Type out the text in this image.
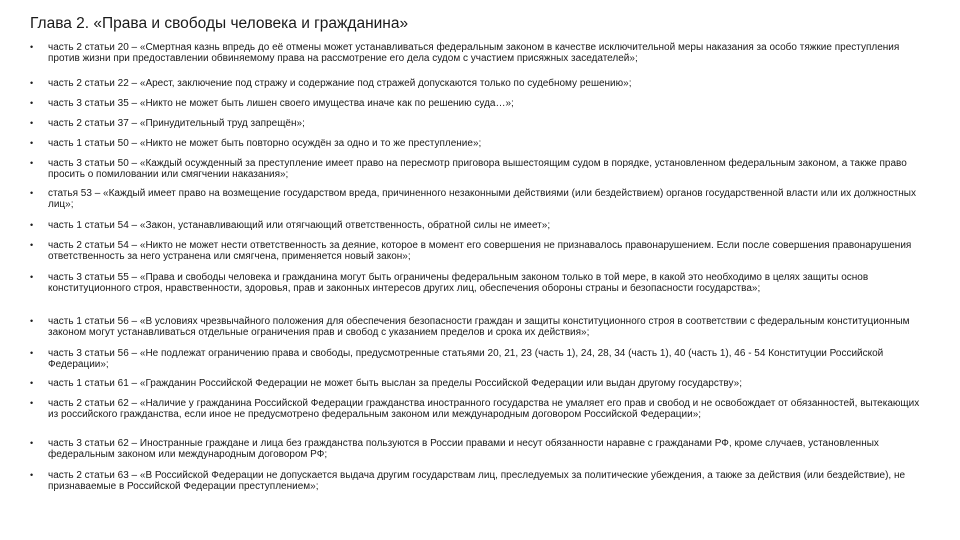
Глава 2. «Права и свободы человека и гражданина»
• часть 2 статьи 20 – «Смертная казнь впредь до её отмены может устанавливаться федеральным законом в качестве исключительной меры наказания за особо тяжкие преступления против жизни при предоставлении обвиняемому права на рассмотрение его дела судом с участием присяжных заседателей»;
• часть 2 статьи 22 – «Арест, заключение под стражу и содержание под стражей допускаются только по судебному решению»;
• часть 3 статьи 35 – «Никто не может быть лишен своего имущества иначе как по решению суда…»;
• часть 2 статьи 37 – «Принудительный труд запрещён»;
• часть 1 статьи 50 – «Никто не может быть повторно осуждён за одно и то же преступление»;
• часть 3 статьи 50 – «Каждый осужденный за преступление имеет право на пересмотр приговора вышестоящим судом в порядке, установленном федеральным законом, а также право просить о помиловании или смягчении наказания»;
• статья 53 – «Каждый имеет право на возмещение государством вреда, причиненного незаконными действиями (или бездействием) органов государственной власти или их должностных лиц»;
• часть 1 статьи 54 – «Закон, устанавливающий или отягчающий ответственность, обратной силы не имеет»;
• часть 2 статьи 54 – «Никто не может нести ответственность за деяние, которое в момент его совершения не признавалось правонарушением. Если после совершения правонарушения ответственность за него устранена или смягчена, применяется новый закон»;
• часть 3 статьи 55 – «Права и свободы человека и гражданина могут быть ограничены федеральным законом только в той мере, в какой это необходимо в целях защиты основ конституционного строя, нравственности, здоровья, прав и законных интересов других лиц, обеспечения обороны страны и безопасности государства»;
• часть 1 статьи 56 – «В условиях чрезвычайного положения для обеспечения безопасности граждан и защиты конституционного строя в соответствии с федеральным конституционным законом могут устанавливаться отдельные ограничения прав и свобод с указанием пределов и срока их действия»;
• часть 3 статьи 56 – «Не подлежат ограничению права и свободы, предусмотренные статьями 20, 21, 23 (часть 1), 24, 28, 34 (часть 1), 40 (часть 1), 46 - 54 Конституции Российской Федерации»;
• часть 1 статьи 61 – «Гражданин Российской Федерации не может быть выслан за пределы Российской Федерации или выдан другому государству»;
• часть 2 статьи 62 – «Наличие у гражданина Российской Федерации гражданства иностранного государства не умаляет его прав и свобод и не освобождает от обязанностей, вытекающих из российского гражданства, если иное не предусмотрено федеральным законом или международным договором Российской Федерации»;
• часть 3 статьи 62 – Иностранные граждане и лица без гражданства пользуются в России правами и несут обязанности наравне с гражданами РФ, кроме случаев, установленных федеральным законом или международным договором РФ;
• часть 2 статьи 63 – «В Российской Федерации не допускается выдача другим государствам лиц, преследуемых за политические убеждения, а также за действия (или бездействие), не признаваемые в Российской Федерации преступлением»;
